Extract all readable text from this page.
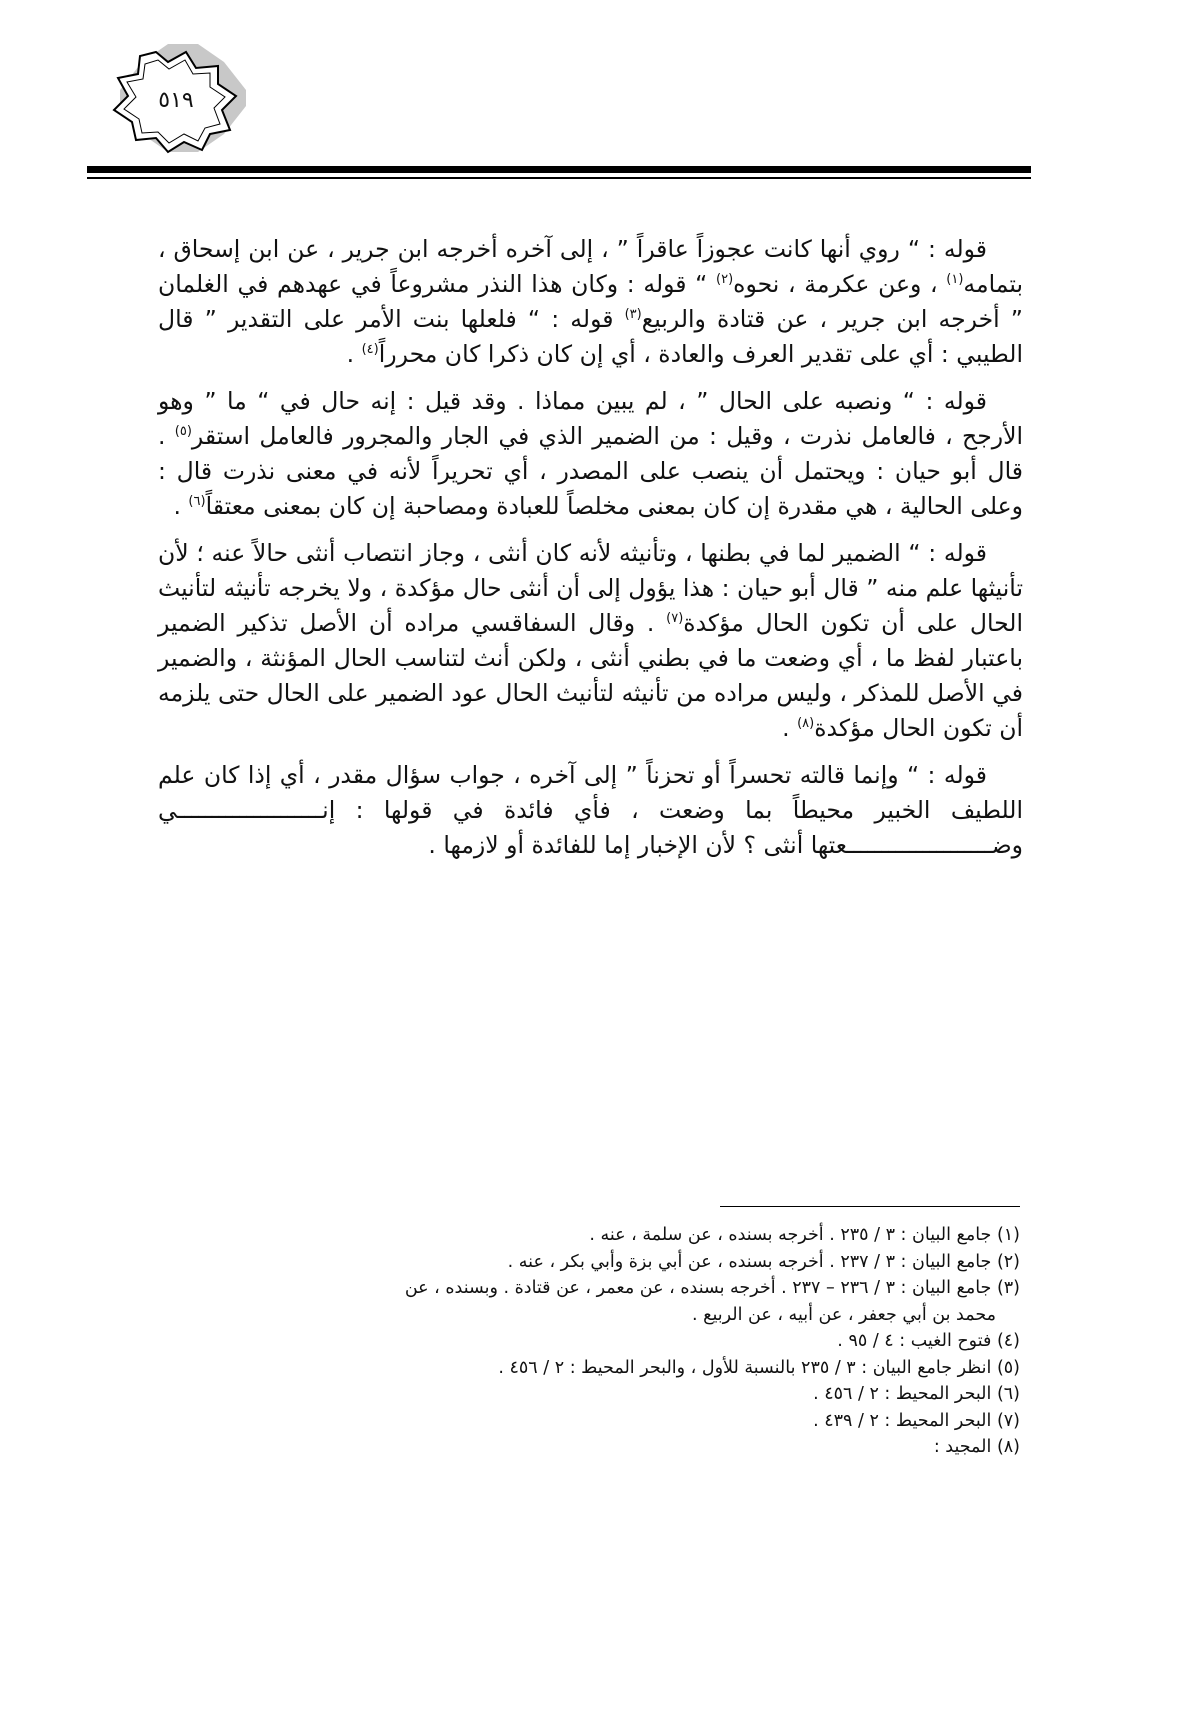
٥١٩

قوله : “ روي أنها كانت عجوزاً عاقراً ” ، إلى آخره أخرجه ابن جرير ، عن ابن إسحاق ، بتمامه$^{(١)}$ ، وعن عكرمة ، نحوه$^{(٢)}$ “ قوله : وكان هذا النذر مشروعاً في عهدهم في الغلمان ” أخرجه ابن جرير ، عن قتادة والربيع$^{(٣)}$ قوله : “ فلعلها بنت الأمر على التقدير ” قال الطيبي : أي على تقدير العرف والعادة ، أي إن كان ذكرا كان محرراً$^{(٤)}$ .

قوله : “ ونصبه على الحال ” ، لم يبين مماذا . وقد قيل : إنه حال في “ ما ” وهو الأرجح ، فالعامل نذرت ، وقيل : من الضمير الذي في الجار والمجرور فالعامل استقر$^{(٥)}$ . قال أبو حيان : ويحتمل أن ينصب على المصدر ، أي تحريراً لأنه في معنى نذرت قال : وعلى الحالية ، هي مقدرة إن كان بمعنى مخلصاً للعبادة ومصاحبة إن كان بمعنى معتقاً$^{(٦)}$ .

قوله : “ الضمير لما في بطنها ، وتأنيثه لأنه كان أنثى ، وجاز انتصاب أنثى حالاً عنه ؛ لأن تأنيثها علم منه ” قال أبو حيان : هذا يؤول إلى أن أنثى حال مؤكدة ، ولا يخرجه تأنيثه لتأنيث الحال على أن تكون الحال مؤكدة$^{(٧)}$ . وقال السفاقسي مراده أن الأصل تذكير الضمير باعتبار لفظ ما ، أي وضعت ما في بطني أنثى ، ولكن أنث لتناسب الحال المؤنثة ، والضمير في الأصل للمذكر ، وليس مراده من تأنيثه لتأنيث الحال عود الضمير على الحال حتى يلزمه أن تكون الحال مؤكدة$^{(٨)}$ .

قوله : “ وإنما قالته تحسراً أو تحزناً ” إلى آخره ، جواب سؤال مقدر ، أي إذا كان علم اللطيف الخبير محيطاً بما وضعت ، فأي فائدة في قولها : إنـــــــــــــــــــــي وضـــــــــــــــــــــعتها أنثى ؟ لأن الإخبار إما للفائدة أو لازمها .

(١) جامع البيان : ٣ / ٢٣٥ . أخرجه بسنده ، عن سلمة ، عنه .
(٢) جامع البيان : ٣ / ٢٣٧ . أخرجه بسنده ، عن أبي بزة وأبي بكر ، عنه .
(٣) جامع البيان : ٣ / ٢٣٦ – ٢٣٧ . أخرجه بسنده ، عن معمر ، عن قتادة . وبسنده ، عن
محمد بن أبي جعفر ، عن أبيه ، عن الربيع .
(٤) فتوح الغيب : ٤ / ٩٥ .
(٥) انظر جامع البيان : ٣ / ٢٣٥ بالنسبة للأول ، والبحر المحيط : ٢ / ٤٥٦ .
(٦) البحر المحيط : ٢ / ٤٥٦ .
(٧) البحر المحيط : ٢ / ٤٣٩ .
(٨) المجيد :
